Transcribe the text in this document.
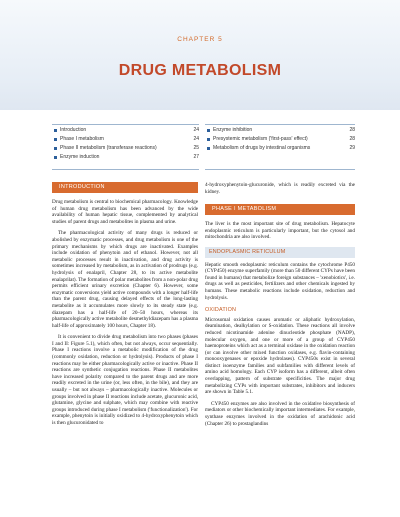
CHAPTER 5
DRUG METABOLISM
Introduction	24
Phase I metabolism	24
Phase II metabolism (transferase reactions)	25
Enzyme induction	27
Enzyme inhibition	28
Presystemic metabolism ('first-pass' effect)	28
Metabolism of drugs by intestinal organisms	29
INTRODUCTION

Drug metabolism is central to biochemical pharmacology. Knowledge of human drug metabolism has been advanced by the wide availability of human hepatic tissue, complemented by analytical studies of parent drugs and metabolites in plasma and urine.

The pharmacological activity of many drugs is reduced or abolished by enzymatic processes, and drug metabolism is one of the primary mechanisms by which drugs are inactivated. Examples include oxidation of phenytoin and of ethanol. However, not all metabolic processes result in inactivation, and drug activity is sometimes increased by metabolism, as in activation of prodrugs (e.g. hydrolysis of enalapril, Chapter 28, to its active metabolite enalaprilat). The formation of polar metabolites from a non-polar drug permits efficient urinary excretion (Chapter 6). However, some enzymatic conversions yield active compounds with a longer half-life than the parent drug, causing delayed effects of the long-lasting metabolite as it accumulates more slowly to its steady state (e.g. diazepam has a half-life of 20–50 hours, whereas its pharmacologically active metabolite desmethyldiazepam has a plasma half-life of approximately 100 hours, Chapter 18).

It is convenient to divide drug metabolism into two phases (phases I and II: Figure 5.1), which often, but not always, occur sequentially. Phase I reactions involve a metabolic modification of the drug (commonly oxidation, reduction or hydrolysis). Products of phase I reactions may be either pharmacologically active or inactive. Phase II reactions are synthetic conjugation reactions. Phase II metabolites have increased polarity compared to the parent drugs and are more readily excreted in the urine (or, less often, in the bile), and they are usually – but not always – pharmacologically inactive. Molecules or groups involved in phase II reactions include acetate, glucuronic acid, glutamine, glycine and sulphate, which may combine with reactive groups introduced during phase I metabolism ('functionalization'). For example, phenytoin is initially oxidized to 4-hydroxyphenytoin which is then glucuronidated to

4-hydroxyphenytoin-glucuronide, which is readily excreted via the kidney.

PHASE I METABOLISM

The liver is the most important site of drug metabolism. Hepatocyte endoplasmic reticulum is particularly important, but the cytosol and mitochondria are also involved.

ENDOPLASMIC RETICULUM

Hepatic smooth endoplasmic reticulum contains the cytochrome P450 (CYP450) enzyme superfamily (more than 50 different CYPs have been found in humans) that metabolize foreign substances – 'xenobiotics', i.e. drugs as well as pesticides, fertilizers and other chemicals ingested by humans. These metabolic reactions include oxidation, reduction and hydrolysis.

OXIDATION

Microsomal oxidation causes aromatic or aliphatic hydroxylation, deamination, dealkylation or S-oxidation. These reactions all involve reduced nicotinamide adenine dinucleotide phosphate (NADP), molecular oxygen, and one or more of a group of CYP450 haemoproteins which act as a terminal oxidase in the oxidation reaction (or can involve other mixed function oxidases, e.g. flavin-containing monooxygenases or epoxide hydrolases). CYP450s exist in several distinct isoenzyme families and subfamilies with different levels of amino acid homology. Each CYP isoform has a different, albeit often overlapping, pattern of substrate specificities. The major drug metabolizing CYPs with important substrates, inhibitors and inducers are shown in Table 5.1.

CYP450 enzymes are also involved in the oxidative biosynthesis of mediators or other biochemically important intermediates. For example, synthase enzymes involved in the oxidation of arachidonic acid (Chapter 26) to prostaglandins
